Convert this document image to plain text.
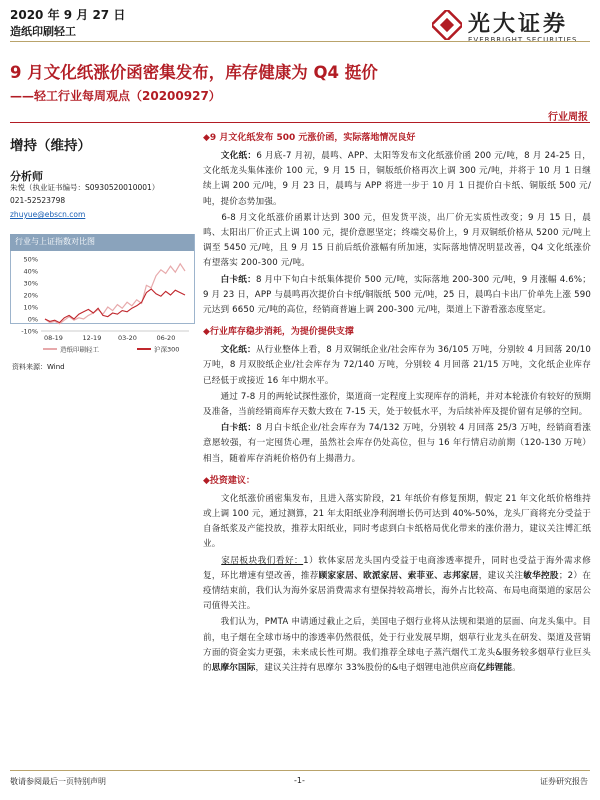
2020 年 9 月 27 日
造纸印刷轻工	光大证券
EVERBRIGHT SECURITIES
9 月文化纸涨价函密集发布，库存健康为 Q4 挺价
——轻工行业每周观点（20200927）
行业周报
增持（维持）
分析师
朱悦（执业证书编号：S0930520010001）
021-52523798
zhuyue@ebscn.com
50%
40%
30%
20%
10%
0%
-10%
08-19	12-19	03-20	06-20
造纸印刷轻工	沪深300
行业与上证指数对比图
资料来源：Wind
◆9 月文化纸发布 500 元涨价函，实际落地情况良好

　　文化纸：6 月底-7 月初，晨鸣、APP、太阳等发布文化纸涨价函 200 元/吨，8 月 24-25 日，文化纸龙头集体涨价 100 元，9 月 15 日，铜版纸价格再次上调 300 元/吨，并将于 10 月 1 日继续上调 200 元/吨，9 月 23 日，晨鸣与 APP 将进一步于 10 月 1 日提价白卡纸、铜版纸 500 元/吨，提价态势加强。

　　6-8 月文化纸涨价函累计达到 300 元，但发货平淡，出厂价无实质性改变；9 月 15 日，晨鸣、太阳出厂价正式上调 100 元，提价意愿坚定；终端交易价上，9 月双铜纸价格从 5200 元/吨上调至 5450 元/吨，且 9 月 15 日前后纸价涨幅有所加速，实际落地情况明显改善，Q4 文化纸涨价有望落实 200-300 元/吨。

　　白卡纸：8 月中下旬白卡纸集体提价 500 元/吨，实际落地 200-300 元/吨，9 月涨幅 4.6%；9 月 23 日，APP 与晨鸣再次提价白卡纸/铜版纸 500 元/吨，25 日，晨鸣白卡出厂价单先上涨 590 元达到 6650 元/吨的高位，经销商普遍上调 200-300 元/吨，渠道上下游看涨态度坚定。

◆行业库存稳步消耗，为提价提供支撑

　　文化纸：从行业整体上看，8 月双铜纸企业/社会库存为 36/105 万吨，分别较 4 月回落 20/10 万吨，8 月双胶纸企业/社会库存为 72/140 万吨，分别较 4 月回落 21/15 万吨，文化纸企业库存已经低于或接近 16 年中期水平。

　　通过 7-8 月的两轮试探性涨价，渠道商一定程度上实现库存的消耗，并对本轮涨价有较好的预期及准备，当前经销商库存天数大致在 7-15 天，处于较低水平，为后续补库及提价留有足够的空间。

　　白卡纸：8 月白卡纸企业/社会库存为 74/132 万吨，分别较 4 月回落 25/3 万吨，经销商看涨意愿较强，有一定囤货心理，虽然社会库存仍处高位，但与 16 年行情启动前期（120-130 万吨）相当，随着库存消耗价格仍有上揚潜力。

◆投资建议：

　　文化纸涨价函密集发布，且进入落实阶段，21 年纸价有修复预期，假定 21 年文化纸价格维持或上调 100 元，通过测算，21 年太阳纸业净利润增长仍可达到 40%-50%，龙头厂商将充分受益于自备纸浆及产能投放，推荐太阳纸业，同时考虑到白卡纸格局优化带来的涨价潜力，建议关注博汇纸业。

　　家居板块我们看好：1）软体家居龙头国内受益于电商渗透率提升，同时也受益于海外需求修复，环比增速有望改善，推荐顾家家居、欧派家居、索菲亚、志邦家居，建议关注敏华控股；2）在疫情结束前，我们认为海外家居消费需求有望保持较高增长，海外占比较高、布局电商渠道的家居公司值得关注。

　　我们认为，PMTA 申请通过截止之后，美国电子烟行业将从法规和渠道的层面、向龙头集中。目前，电子烟在全球市场中的渗透率仍然很低，处于行业发展早期，烟草行业龙头在研发、渠道及营销方面的资金实力更强，未来成长性可期。我们推荐全球电子蒸汽烟代工龙头&服务较多烟草行业巨头的思摩尔国际，建议关注持有思摩尔 33%股份的&电子烟锂电池供应商亿纬锂能。

敬请参阅最后一页特别声明	-1-	证券研究报告
